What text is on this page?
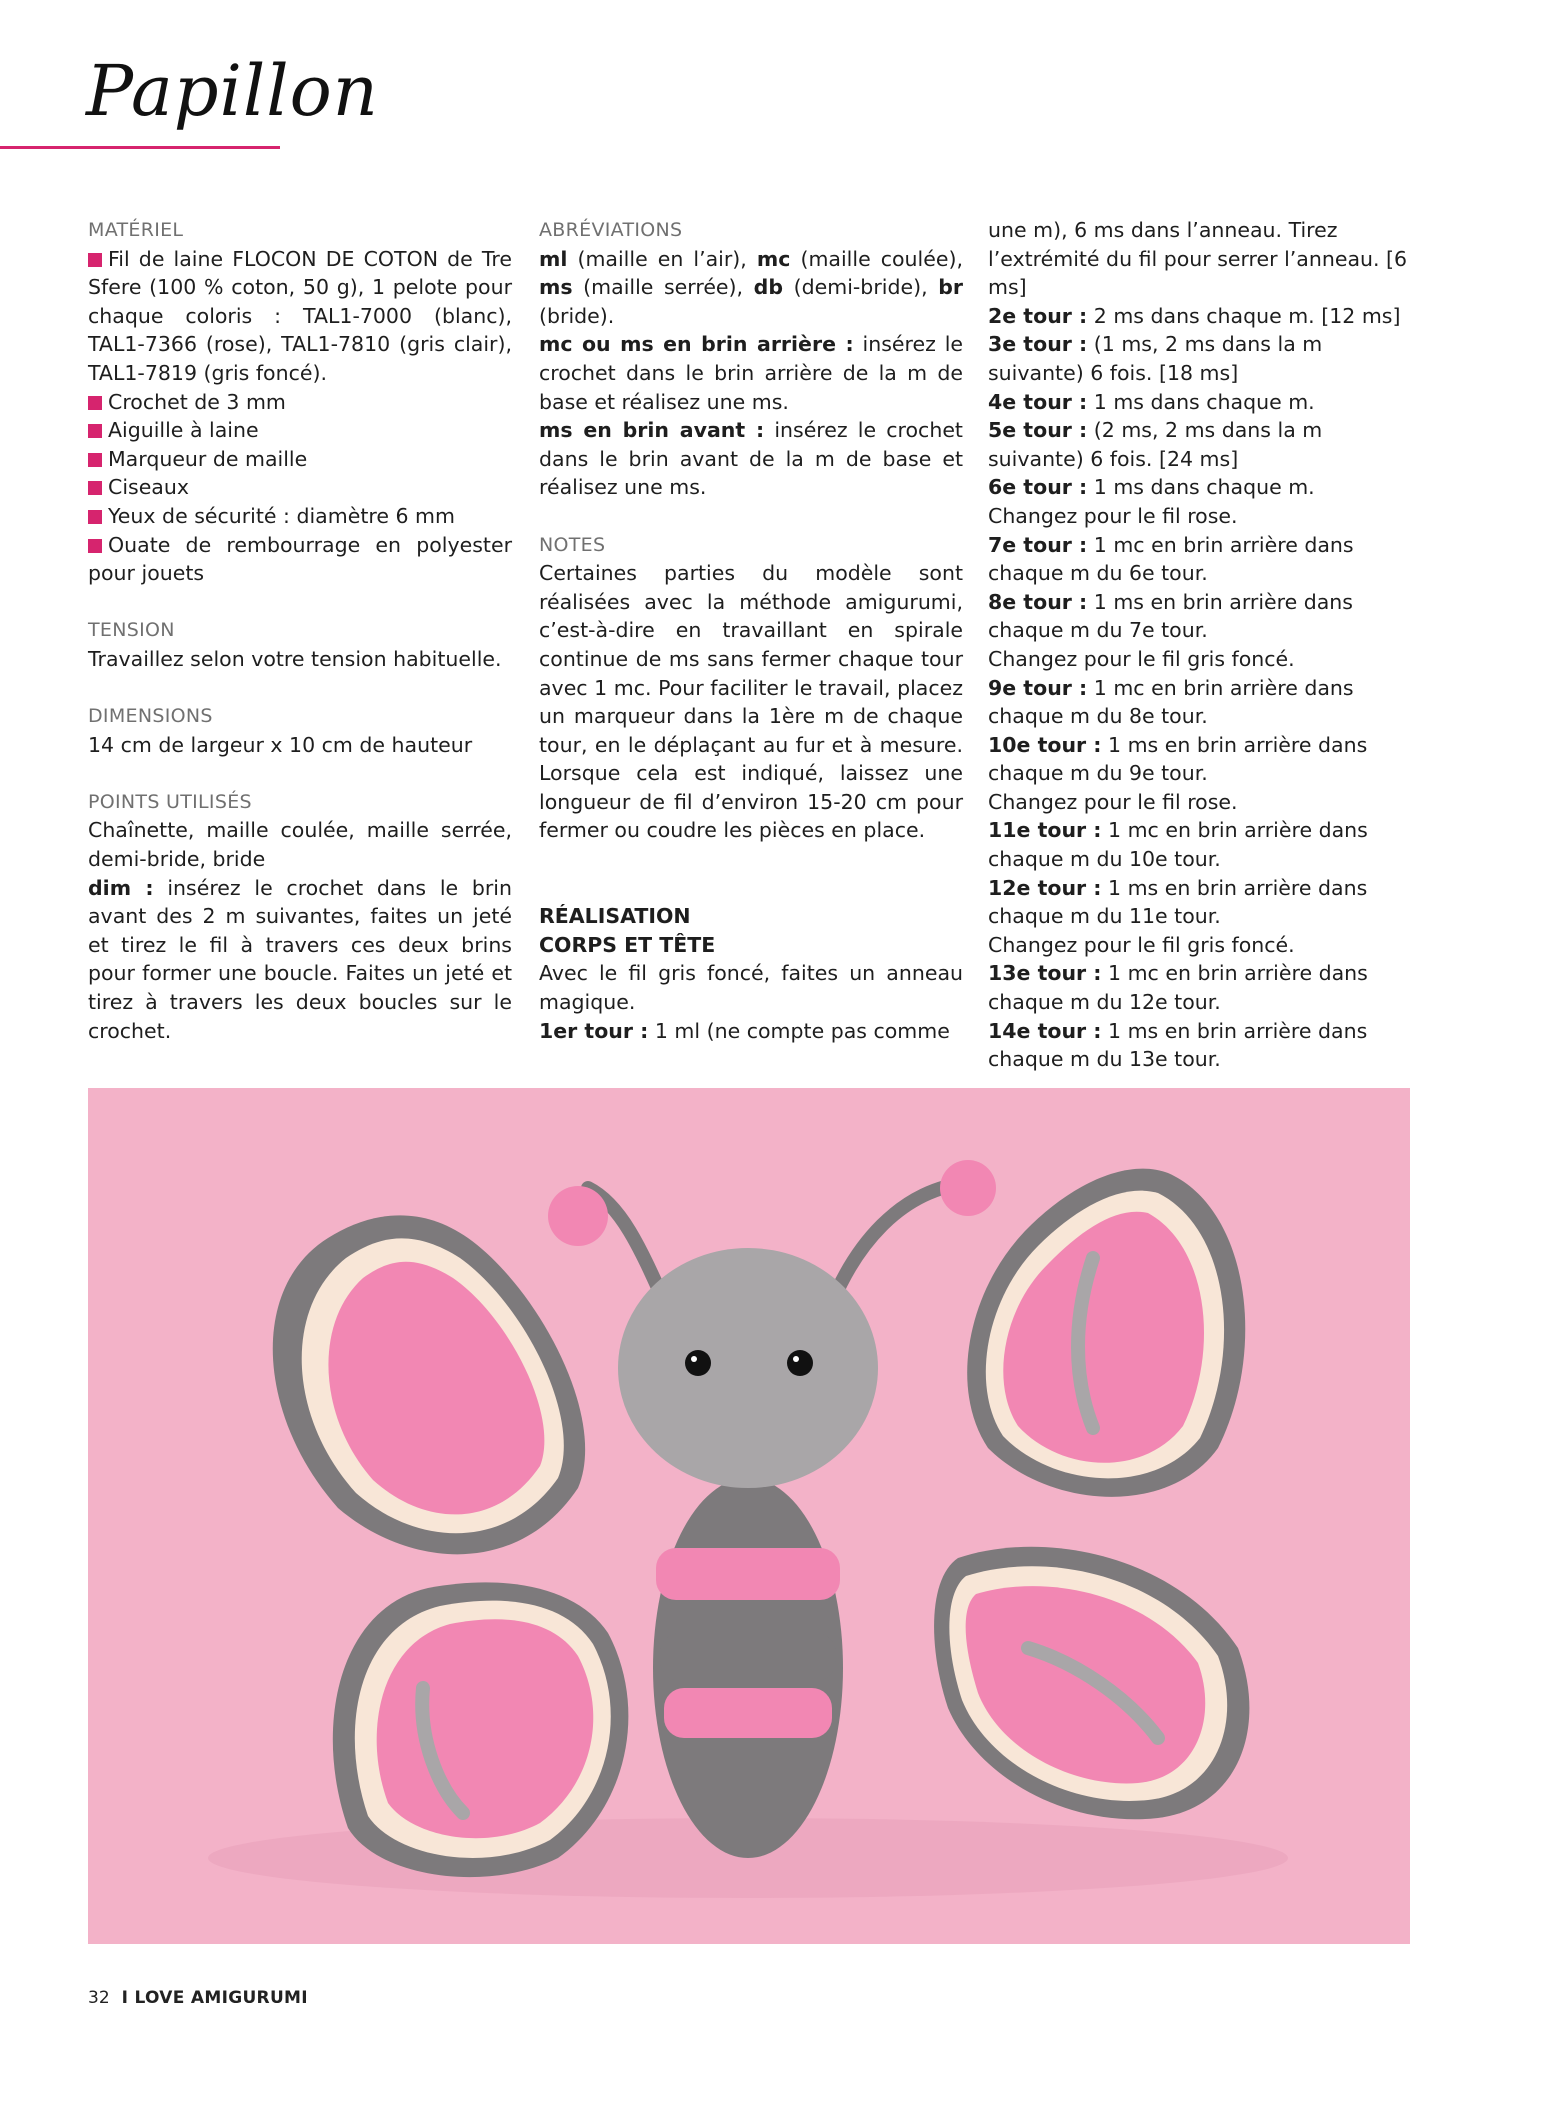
Papillon

MATÉRIEL

Fil de laine FLOCON DE COTON de Tre Sfere (100 % coton, 50 g), 1 pelote pour chaque coloris : TAL1-7000 (blanc), TAL1-7366 (rose), TAL1-7810 (gris clair), TAL1-7819 (gris foncé).

Crochet de 3 mm

Aiguille à laine

Marqueur de maille

Ciseaux

Yeux de sécurité : diamètre 6 mm

Ouate de rembourrage en polyester pour jouets

TENSION

Travaillez selon votre tension habituelle.

DIMENSIONS

14 cm de largeur x 10 cm de hauteur

POINTS UTILISÉS

Chaînette, maille coulée, maille serrée, demi-bride, bride

dim : insérez le crochet dans le brin avant des 2 m suivantes, faites un jeté et tirez le fil à travers ces deux brins pour former une boucle. Faites un jeté et tirez à travers les deux boucles sur le crochet.

ABRÉVIATIONS

ml (maille en l’air), mc (maille coulée), ms (maille serrée), db (demi-bride), br (bride).

mc ou ms en brin arrière : insérez le crochet dans le brin arrière de la m de base et réalisez une ms.

ms en brin avant : insérez le crochet dans le brin avant de la m de base et réalisez une ms.

NOTES

Certaines parties du modèle sont réalisées avec la méthode amigurumi, c’est-à-dire en travaillant en spirale continue de ms sans fermer chaque tour avec 1 mc. Pour faciliter le travail, placez un marqueur dans la 1ère m de chaque tour, en le déplaçant au fur et à mesure. Lorsque cela est indiqué, laissez une longueur de fil d’environ 15-20 cm pour fermer ou coudre les pièces en place.

RÉALISATION

CORPS ET TÊTE

Avec le fil gris foncé, faites un anneau magique.

1er tour : 1 ml (ne compte pas comme

une m), 6 ms dans l’anneau. Tirez l’extrémité du fil pour serrer l’anneau. [6 ms]

2e tour : 2 ms dans chaque m. [12 ms]

3e tour : (1 ms, 2 ms dans la m suivante) 6 fois. [18 ms]

4e tour : 1 ms dans chaque m.

5e tour : (2 ms, 2 ms dans la m suivante) 6 fois. [24 ms]

6e tour : 1 ms dans chaque m.

Changez pour le fil rose.

7e tour : 1 mc en brin arrière dans chaque m du 6e tour.

8e tour : 1 ms en brin arrière dans chaque m du 7e tour.

Changez pour le fil gris foncé.

9e tour : 1 mc en brin arrière dans chaque m du 8e tour.

10e tour : 1 ms en brin arrière dans chaque m du 9e tour.

Changez pour le fil rose.

11e tour : 1 mc en brin arrière dans chaque m du 10e tour.

12e tour : 1 ms en brin arrière dans chaque m du 11e tour.

Changez pour le fil gris foncé.

13e tour : 1 mc en brin arrière dans chaque m du 12e tour.

14e tour : 1 ms en brin arrière dans chaque m du 13e tour.

32 I LOVE AMIGURUMI
